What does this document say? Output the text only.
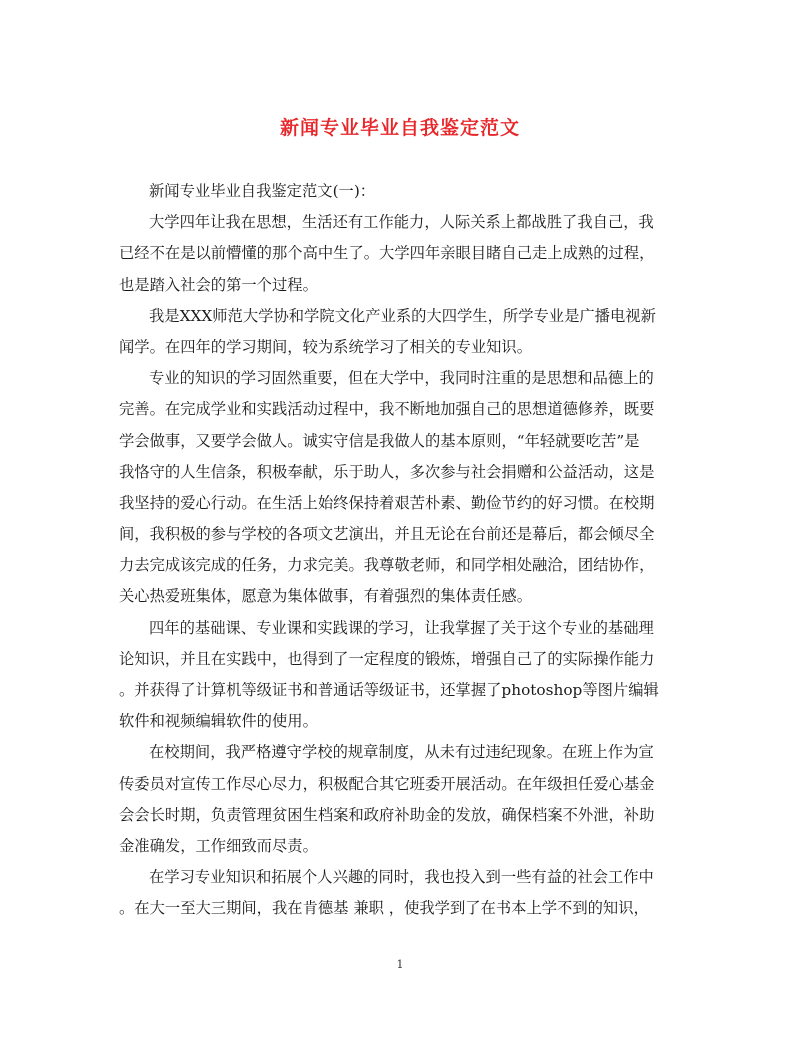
新闻专业毕业自我鉴定范文
新闻专业毕业自我鉴定范文(一)：
大学四年让我在思想，生活还有工作能力，人际关系上都战胜了我自己，我
已经不在是以前懵懂的那个高中生了。大学四年亲眼目睹自己走上成熟的过程，
也是踏入社会的第一个过程。
我是XXX师范大学协和学院文化产业系的大四学生，所学专业是广播电视新
闻学。在四年的学习期间，较为系统学习了相关的专业知识。
专业的知识的学习固然重要，但在大学中，我同时注重的是思想和品德上的
完善。在完成学业和实践活动过程中，我不断地加强自己的思想道德修养，既要
学会做事，又要学会做人。诚实守信是我做人的基本原则，“年轻就要吃苦”是
我恪守的人生信条，积极奉献，乐于助人，多次参与社会捐赠和公益活动，这是
我坚持的爱心行动。在生活上始终保持着艰苦朴素、勤俭节约的好习惯。在校期
间，我积极的参与学校的各项文艺演出，并且无论在台前还是幕后，都会倾尽全
力去完成该完成的任务，力求完美。我尊敬老师，和同学相处融洽，团结协作，
关心热爱班集体，愿意为集体做事，有着强烈的集体责任感。
四年的基础课、专业课和实践课的学习，让我掌握了关于这个专业的基础理
论知识，并且在实践中，也得到了一定程度的锻炼，增强自己了的实际操作能力
。并获得了计算机等级证书和普通话等级证书，还掌握了photoshop等图片编辑
软件和视频编辑软件的使用。
在校期间，我严格遵守学校的规章制度，从未有过违纪现象。在班上作为宣
传委员对宣传工作尽心尽力，积极配合其它班委开展活动。在年级担任爱心基金
会会长时期，负责管理贫困生档案和政府补助金的发放，确保档案不外泄，补助
金准确发，工作细致而尽责。
在学习专业知识和拓展个人兴趣的同时，我也投入到一些有益的社会工作中
。在大一至大三期间，我在肯德基 兼职 ，使我学到了在书本上学不到的知识，
1
